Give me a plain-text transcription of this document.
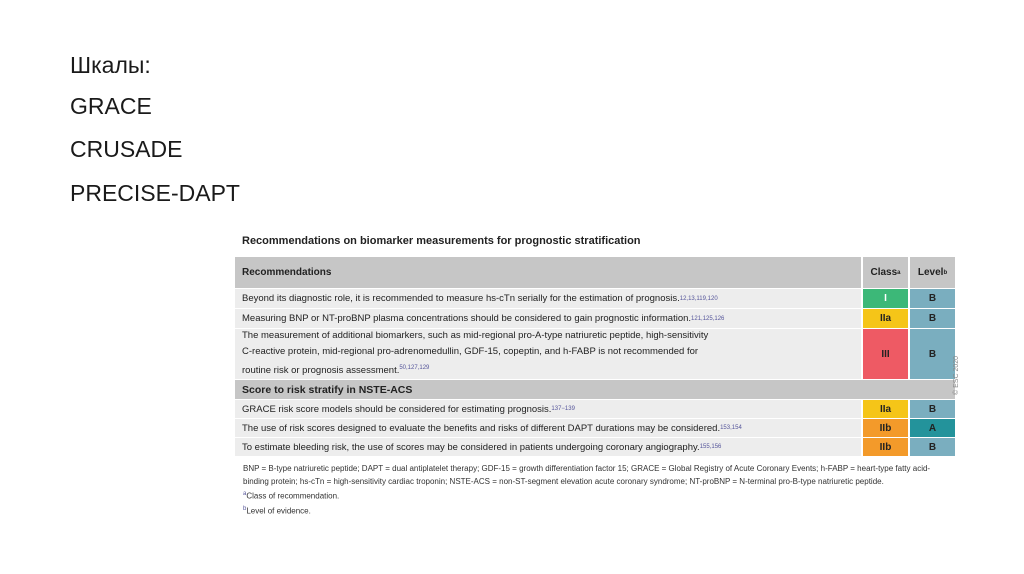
Шкалы:
GRACE
CRUSADE
PRECISE-DAPT
Recommendations on biomarker measurements for prognostic stratification
Recommendations	Class a Level b
Beyond its diagnostic role, it is recommended to measure hs-cTn serially for the estimation of prognosis. 12,13,119,120	I	B
Measuring BNP or NT-proBNP plasma concentrations should be considered to gain prognostic information. 121,125,126	IIa	B
The measurement of additional biomarkers, such as mid-regional pro-A-type natriuretic peptide, high-sensitivity
C-reactive protein, mid-regional pro-adrenomedullin, GDF-15, copeptin, and h-FABP is not recommended for
routine risk or prognosis assessment.$^{50,127,129}$
III	B
Score to risk stratify in NSTE-ACS
GRACE risk score models should be considered for estimating prognosis. 137−139	IIa	B
The use of risk scores designed to evaluate the benefits and risks of different DAPT durations may be considered. 153,154	IIb	A
To estimate bleeding risk, the use of scores may be considered in patients undergoing coronary angiography. 155,156	IIb	B
© ESC 2020
BNP = B-type natriuretic peptide; DAPT = dual antiplatelet therapy; GDF-15 = growth differentiation factor 15; GRACE = Global Registry of Acute Coronary Events; h-FABP = heart-type fatty acid-binding protein; hs-cTn = high-sensitivity cardiac troponin; NSTE-ACS = non-ST-segment elevation acute coronary syndrome; NT-proBNP = N-terminal pro-B-type natriuretic peptide.
$^a$Class of recommendation.
$^b$Level of evidence.
